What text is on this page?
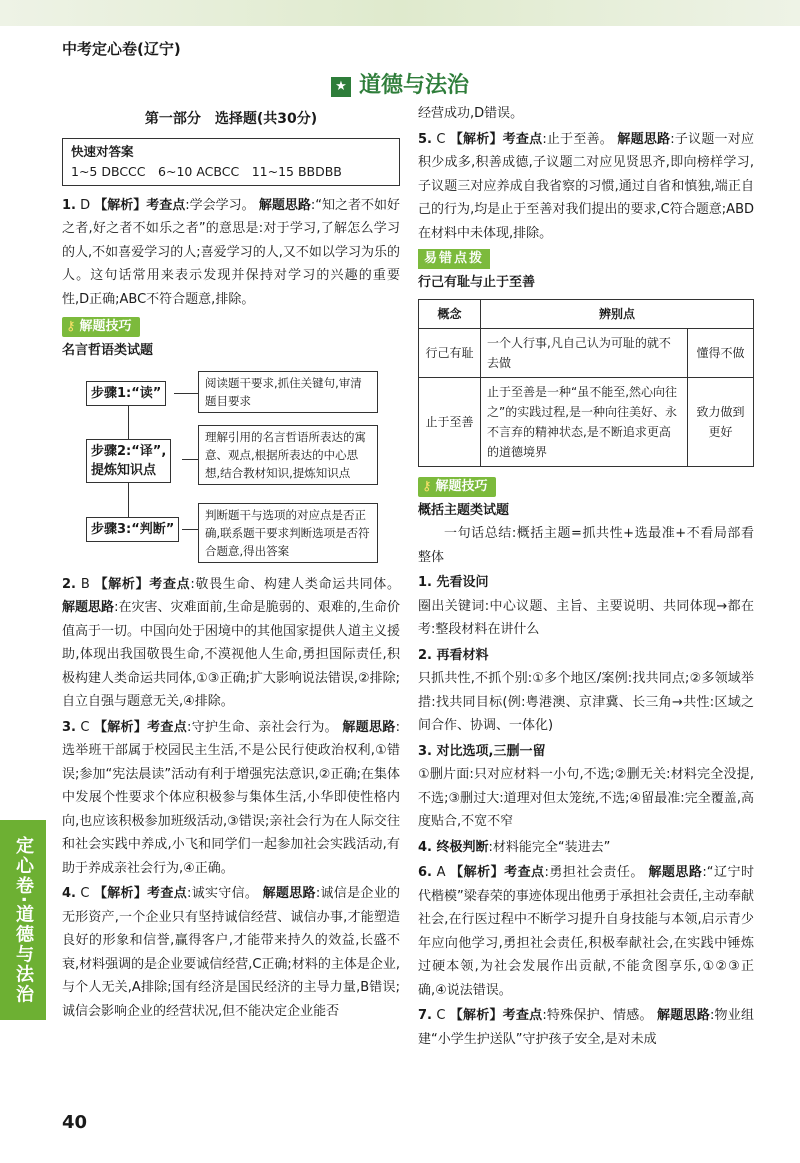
中考定心卷(辽宁)
★ 道德与法治
第一部分　选择题(共30分)
快速对答案
1~5 DBCCC　6~10 ACBCC　11~15 BBDBB
1. D 【解析】考查点:学会学习。 解题思路:“知之者不如好之者,好之者不如乐之者”的意思是:对于学习,了解怎么学习的人,不如喜爱学习的人;喜爱学习的人,又不如以学习为乐的人。这句话常用来表示发现并保持对学习的兴趣的重要性,D正确;ABC不符合题意,排除。
⚷ 解题技巧
名言哲语类试题
步骤1:“读”
阅读题干要求,抓住关键句,审清题目要求
步骤2:“译”,
提炼知识点
理解引用的名言哲语所表达的寓意、观点,根据所表达的中心思想,结合教材知识,提炼知识点
步骤3:“判断”
判断题干与选项的对应点是否正确,联系题干要求判断选项是否符合题意,得出答案
2. B 【解析】考查点:敬畏生命、构建人类命运共同体。 解题思路:在灾害、灾难面前,生命是脆弱的、艰难的,生命价值高于一切。中国向处于困境中的其他国家提供人道主义援助,体现出我国敬畏生命,不漠视他人生命,勇担国际责任,积极构建人类命运共同体,①③正确;扩大影响说法错误,②排除;自立自强与题意无关,④排除。
3. C 【解析】考查点:守护生命、亲社会行为。 解题思路:选举班干部属于校园民主生活,不是公民行使政治权利,①错误;参加“宪法晨读”活动有利于增强宪法意识,②正确;在集体中发展个性要求个体应积极参与集体生活,小华即使性格内向,也应该积极参加班级活动,③错误;亲社会行为在人际交往和社会实践中养成,小飞和同学们一起参加社会实践活动,有助于养成亲社会行为,④正确。
4. C 【解析】考查点:诚实守信。 解题思路:诚信是企业的无形资产,一个企业只有坚持诚信经营、诚信办事,才能塑造良好的形象和信誉,赢得客户,才能带来持久的效益,长盛不衰,材料强调的是企业要诚信经营,C正确;材料的主体是企业,与个人无关,A排除;国有经济是国民经济的主导力量,B错误;诚信会影响企业的经营状况,但不能决定企业能否
经营成功,D错误。
5. C 【解析】考查点:止于至善。 解题思路:子议题一对应积少成多,积善成德,子议题二对应见贤思齐,即向榜样学习,子议题三对应养成自我省察的习惯,通过自省和慎独,端正自己的行为,均是止于至善对我们提出的要求,C符合题意;ABD在材料中未体现,排除。
易错点拨
行己有耻与止于至善
概念	辨别点	
行己有耻	一个人行事,凡自己认为可耻的就不去做	懂得不做
止于至善	止于至善是一种“虽不能至,然心向往之”的实践过程,是一种向往美好、永不言弃的精神状态,是不断追求更高的道德境界	致力做到更好
⚷ 解题技巧
概括主题类试题
一句话总结:概括主题=抓共性+选最准+不看局部看整体
1. 先看设问
圈出关键词:中心议题、主旨、主要说明、共同体现→都在考:整段材料在讲什么
2. 再看材料
只抓共性,不抓个别:①多个地区/案例:找共同点;②多领域举措:找共同目标(例:粤港澳、京津冀、长三角→共性:区域之间合作、协调、一体化)
3. 对比选项,三删一留
①删片面:只对应材料一小句,不选;②删无关:材料完全没提,不选;③删过大:道理对但太笼统,不选;④留最准:完全覆盖,高度贴合,不宽不窄
4. 终极判断:材料能完全“装进去”
6. A 【解析】考查点:勇担社会责任。 解题思路:“辽宁时代楷模”梁春荣的事迹体现出他勇于承担社会责任,主动奉献社会,在行医过程中不断学习提升自身技能与本领,启示青少年应向他学习,勇担社会责任,积极奉献社会,在实践中锤炼过硬本领,为社会发展作出贡献,不能贪图享乐,①②③正确,④说法错误。
7. C 【解析】考查点:特殊保护、情感。 解题思路:物业组建“小学生护送队”守护孩子安全,是对未成
定心卷·道德与法治
40
